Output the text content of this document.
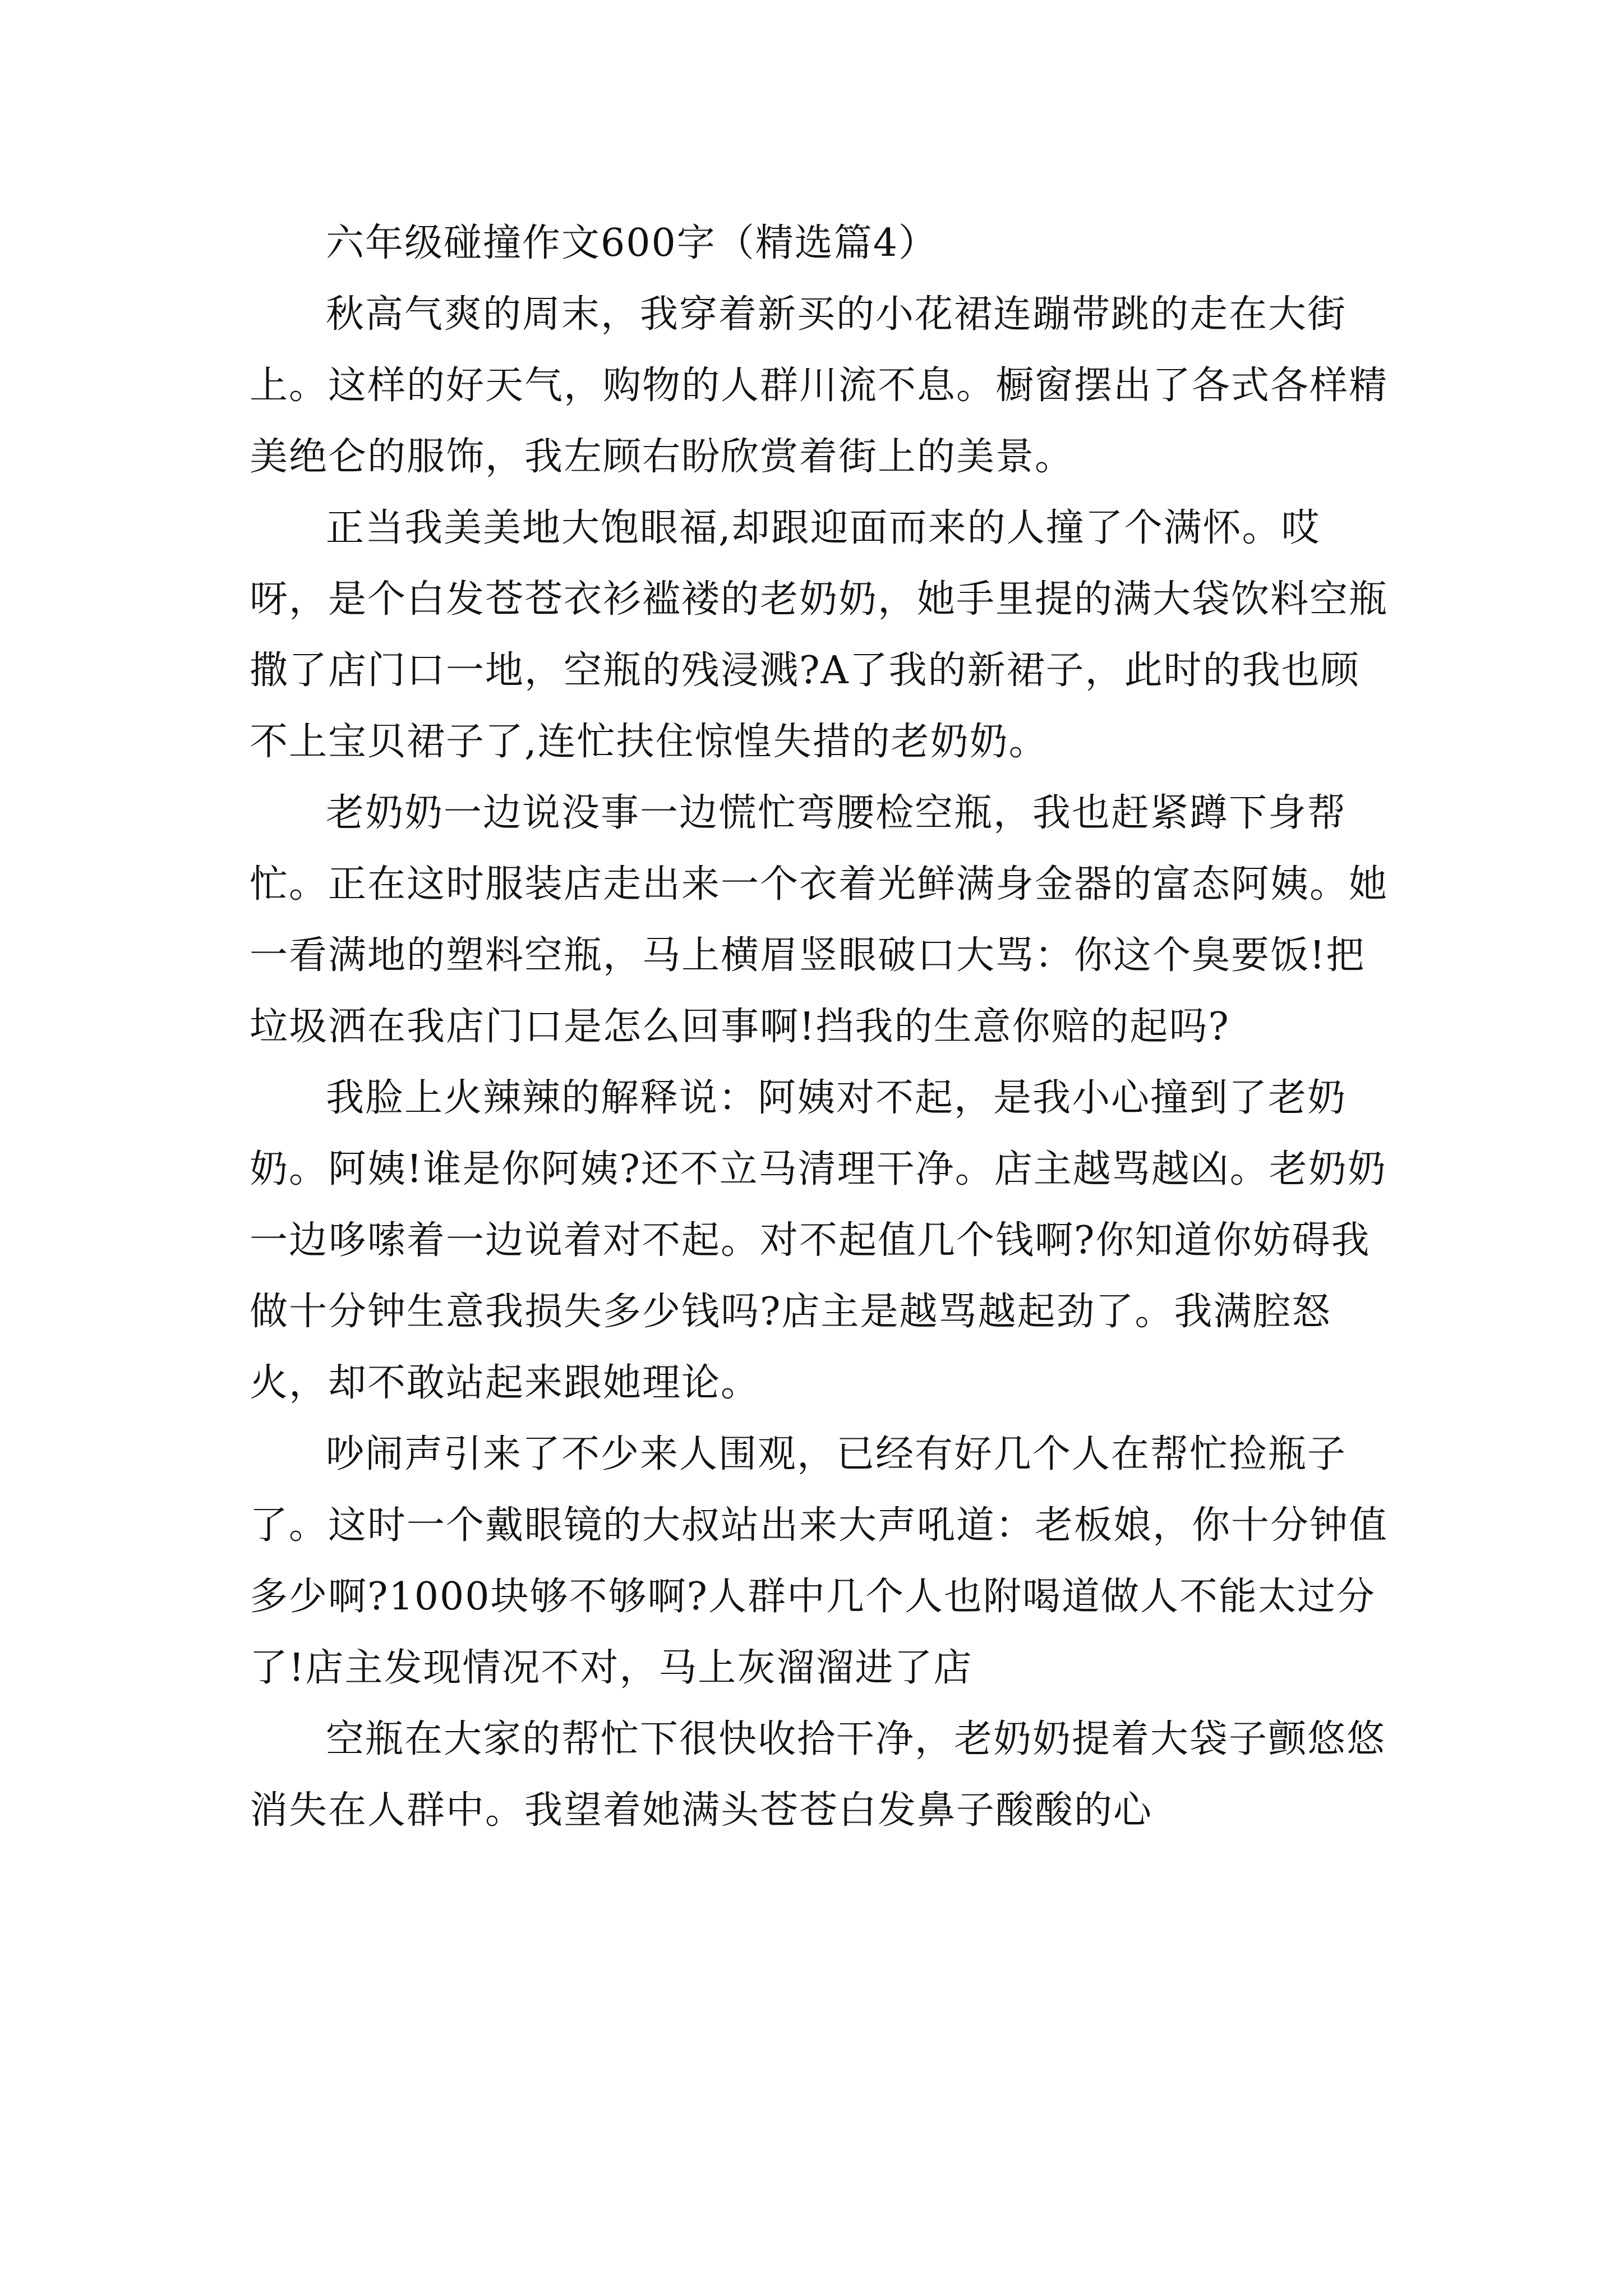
六年级碰撞作文600字（精选篇4）

秋高气爽的周末，我穿着新买的小花裙连蹦带跳的走在大街上。这样的好天气，购物的人群川流不息。橱窗摆出了各式各样精美绝仑的服饰，我左顾右盼欣赏着街上的美景。

正当我美美地大饱眼福,却跟迎面而来的人撞了个满怀。哎呀，是个白发苍苍衣衫褴褛的老奶奶，她手里提的满大袋饮料空瓶撒了店门口一地，空瓶的残浸溅?A了我的新裙子，此时的我也顾不上宝贝裙子了,连忙扶住惊惶失措的老奶奶。

老奶奶一边说没事一边慌忙弯腰检空瓶，我也赶紧蹲下身帮忙。正在这时服装店走出来一个衣着光鲜满身金器的富态阿姨。她一看满地的塑料空瓶，马上横眉竖眼破口大骂：你这个臭要饭!把垃圾洒在我店门口是怎么回事啊!挡我的生意你赔的起吗?

我脸上火辣辣的解释说：阿姨对不起，是我小心撞到了老奶奶。阿姨!谁是你阿姨?还不立马清理干净。店主越骂越凶。老奶奶一边哆嗦着一边说着对不起。对不起值几个钱啊?你知道你妨碍我做十分钟生意我损失多少钱吗?店主是越骂越起劲了。我满腔怒火，却不敢站起来跟她理论。

吵闹声引来了不少来人围观，已经有好几个人在帮忙捡瓶子了。这时一个戴眼镜的大叔站出来大声吼道：老板娘，你十分钟值多少啊?1000块够不够啊?人群中几个人也附喝道做人不能太过分了!店主发现情况不对，马上灰溜溜进了店

空瓶在大家的帮忙下很快收拾干净，老奶奶提着大袋子颤悠悠消失在人群中。我望着她满头苍苍白发鼻子酸酸的心
